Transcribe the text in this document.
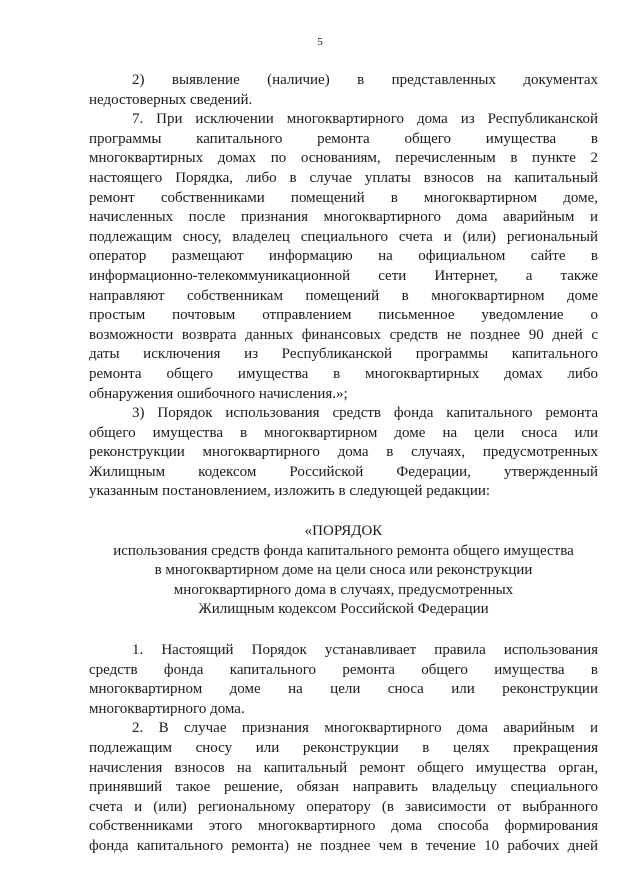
5
2) выявление (наличие) в представленных документах
недостоверных сведений.
7. При исключении многоквартирного дома из Республиканской
программы капитального ремонта общего имущества в
многоквартирных домах по основаниям, перечисленным в пункте 2
настоящего Порядка, либо в случае уплаты взносов на капитальный
ремонт собственниками помещений в многоквартирном доме,
начисленных после признания многоквартирного дома аварийным и
подлежащим сносу, владелец специального счета и (или) региональный
оператор размещают информацию на официальном сайте в
информационно-телекоммуникационной сети Интернет, а также
направляют собственникам помещений в многоквартирном доме
простым почтовым отправлением письменное уведомление о
возможности возврата данных финансовых средств не позднее 90 дней с
даты исключения из Республиканской программы капитального
ремонта общего имущества в многоквартирных домах либо
обнаружения ошибочного начисления.»;
3) Порядок использования средств фонда капитального ремонта
общего имущества в многоквартирном доме на цели сноса или
реконструкции многоквартирного дома в случаях, предусмотренных
Жилищным кодексом Российской Федерации, утвержденный
указанным постановлением, изложить в следующей редакции:
«ПОРЯДОК
использования средств фонда капитального ремонта общего имущества
в многоквартирном доме на цели сноса или реконструкции
многоквартирного дома в случаях, предусмотренных
Жилищным кодексом Российской Федерации
1. Настоящий Порядок устанавливает правила использования
средств фонда капитального ремонта общего имущества в
многоквартирном доме на цели сноса или реконструкции
многоквартирного дома.
2. В случае признания многоквартирного дома аварийным и
подлежащим сносу или реконструкции в целях прекращения
начисления взносов на капитальный ремонт общего имущества орган,
принявший такое решение, обязан направить владельцу специального
счета и (или) региональному оператору (в зависимости от выбранного
собственниками этого многоквартирного дома способа формирования
фонда капитального ремонта) не позднее чем в течение 10 рабочих дней
